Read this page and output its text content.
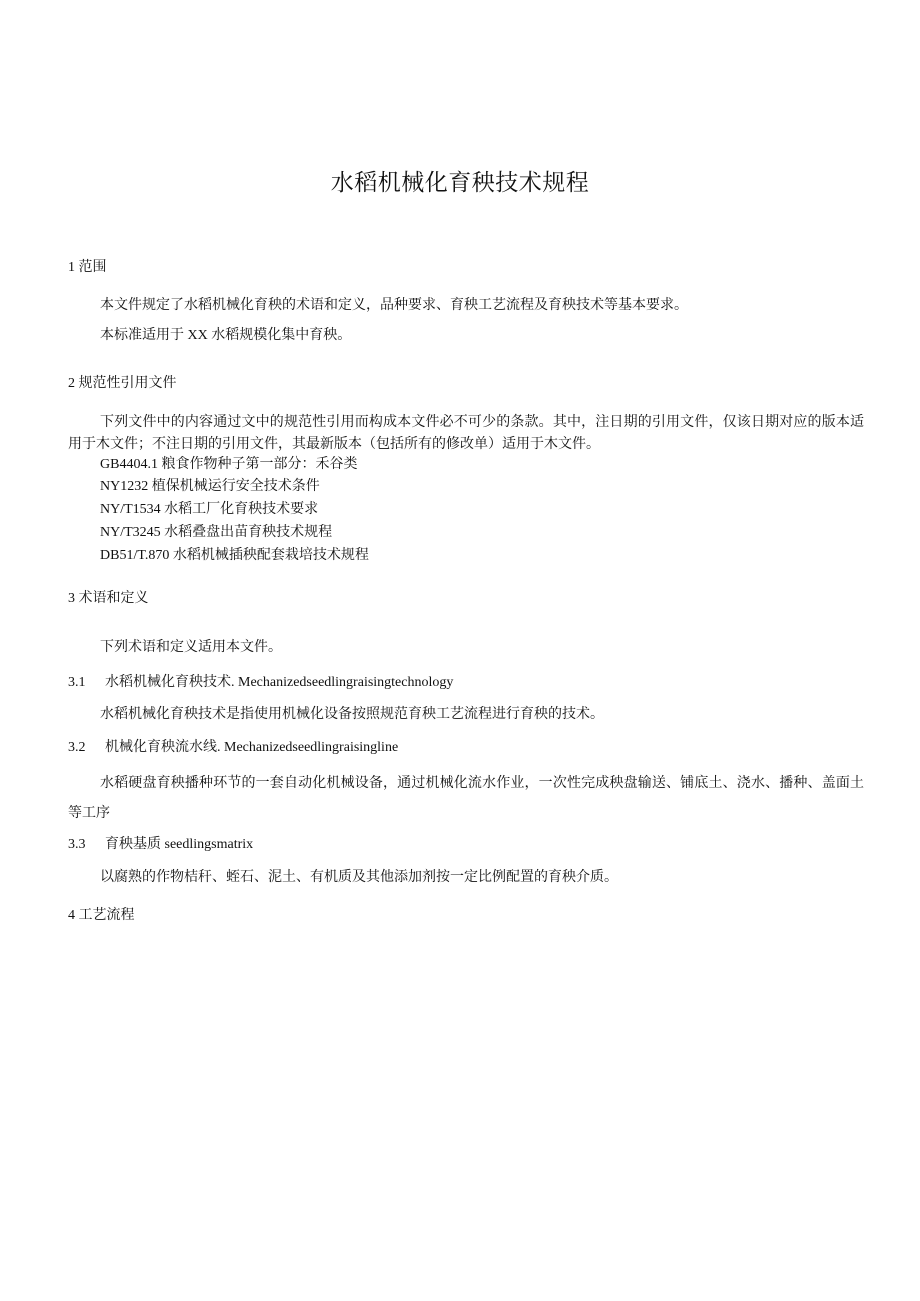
水稻机械化育秧技术规程
1 范围
本文件规定了水稻机械化育秧的术语和定义，品种要求、育秧工艺流程及育秧技术等基本要求。
本标准适用于 XX 水稻规模化集中育秧。
2 规范性引用文件
下列文件中的内容通过文中的规范性引用而构成本文件必不可少的条款。其中，注日期的引用文件，仅该日期对应的版本适用于木文件；不注日期的引用文件，其最新版本（包括所有的修改单）适用于木文件。
GB4404.1 粮食作物种子第一部分：禾谷类
NY1232 植保机械运行安全技术条件
NY/T1534 水稻工厂化育秧技术要求
NY/T3245 水稻叠盘出苗育秧技术规程
DB51/T.870 水稻机械插秧配套栽培技术规程
3 术语和定义
下列术语和定义适用本文件。
3.1 水稻机械化育秧技术. Mechanizedseedlingraisingtechnology
水稻机械化育秧技术是指使用机械化设备按照规范育秧工艺流程进行育秧的技术。
3.2 机械化育秧流水线. Mechanizedseedlingraisingline
水稻硬盘育秧播种环节的一套自动化机械设备，通过机械化流水作业，一次性完成秧盘输送、铺底土、浇水、播种、盖面土等工序
3.3 育秧基质 seedlingsmatrix
以腐熟的作物桔秆、蛭石、泥土、有机质及其他添加剂按一定比例配置的育秧介质。
4 工艺流程
